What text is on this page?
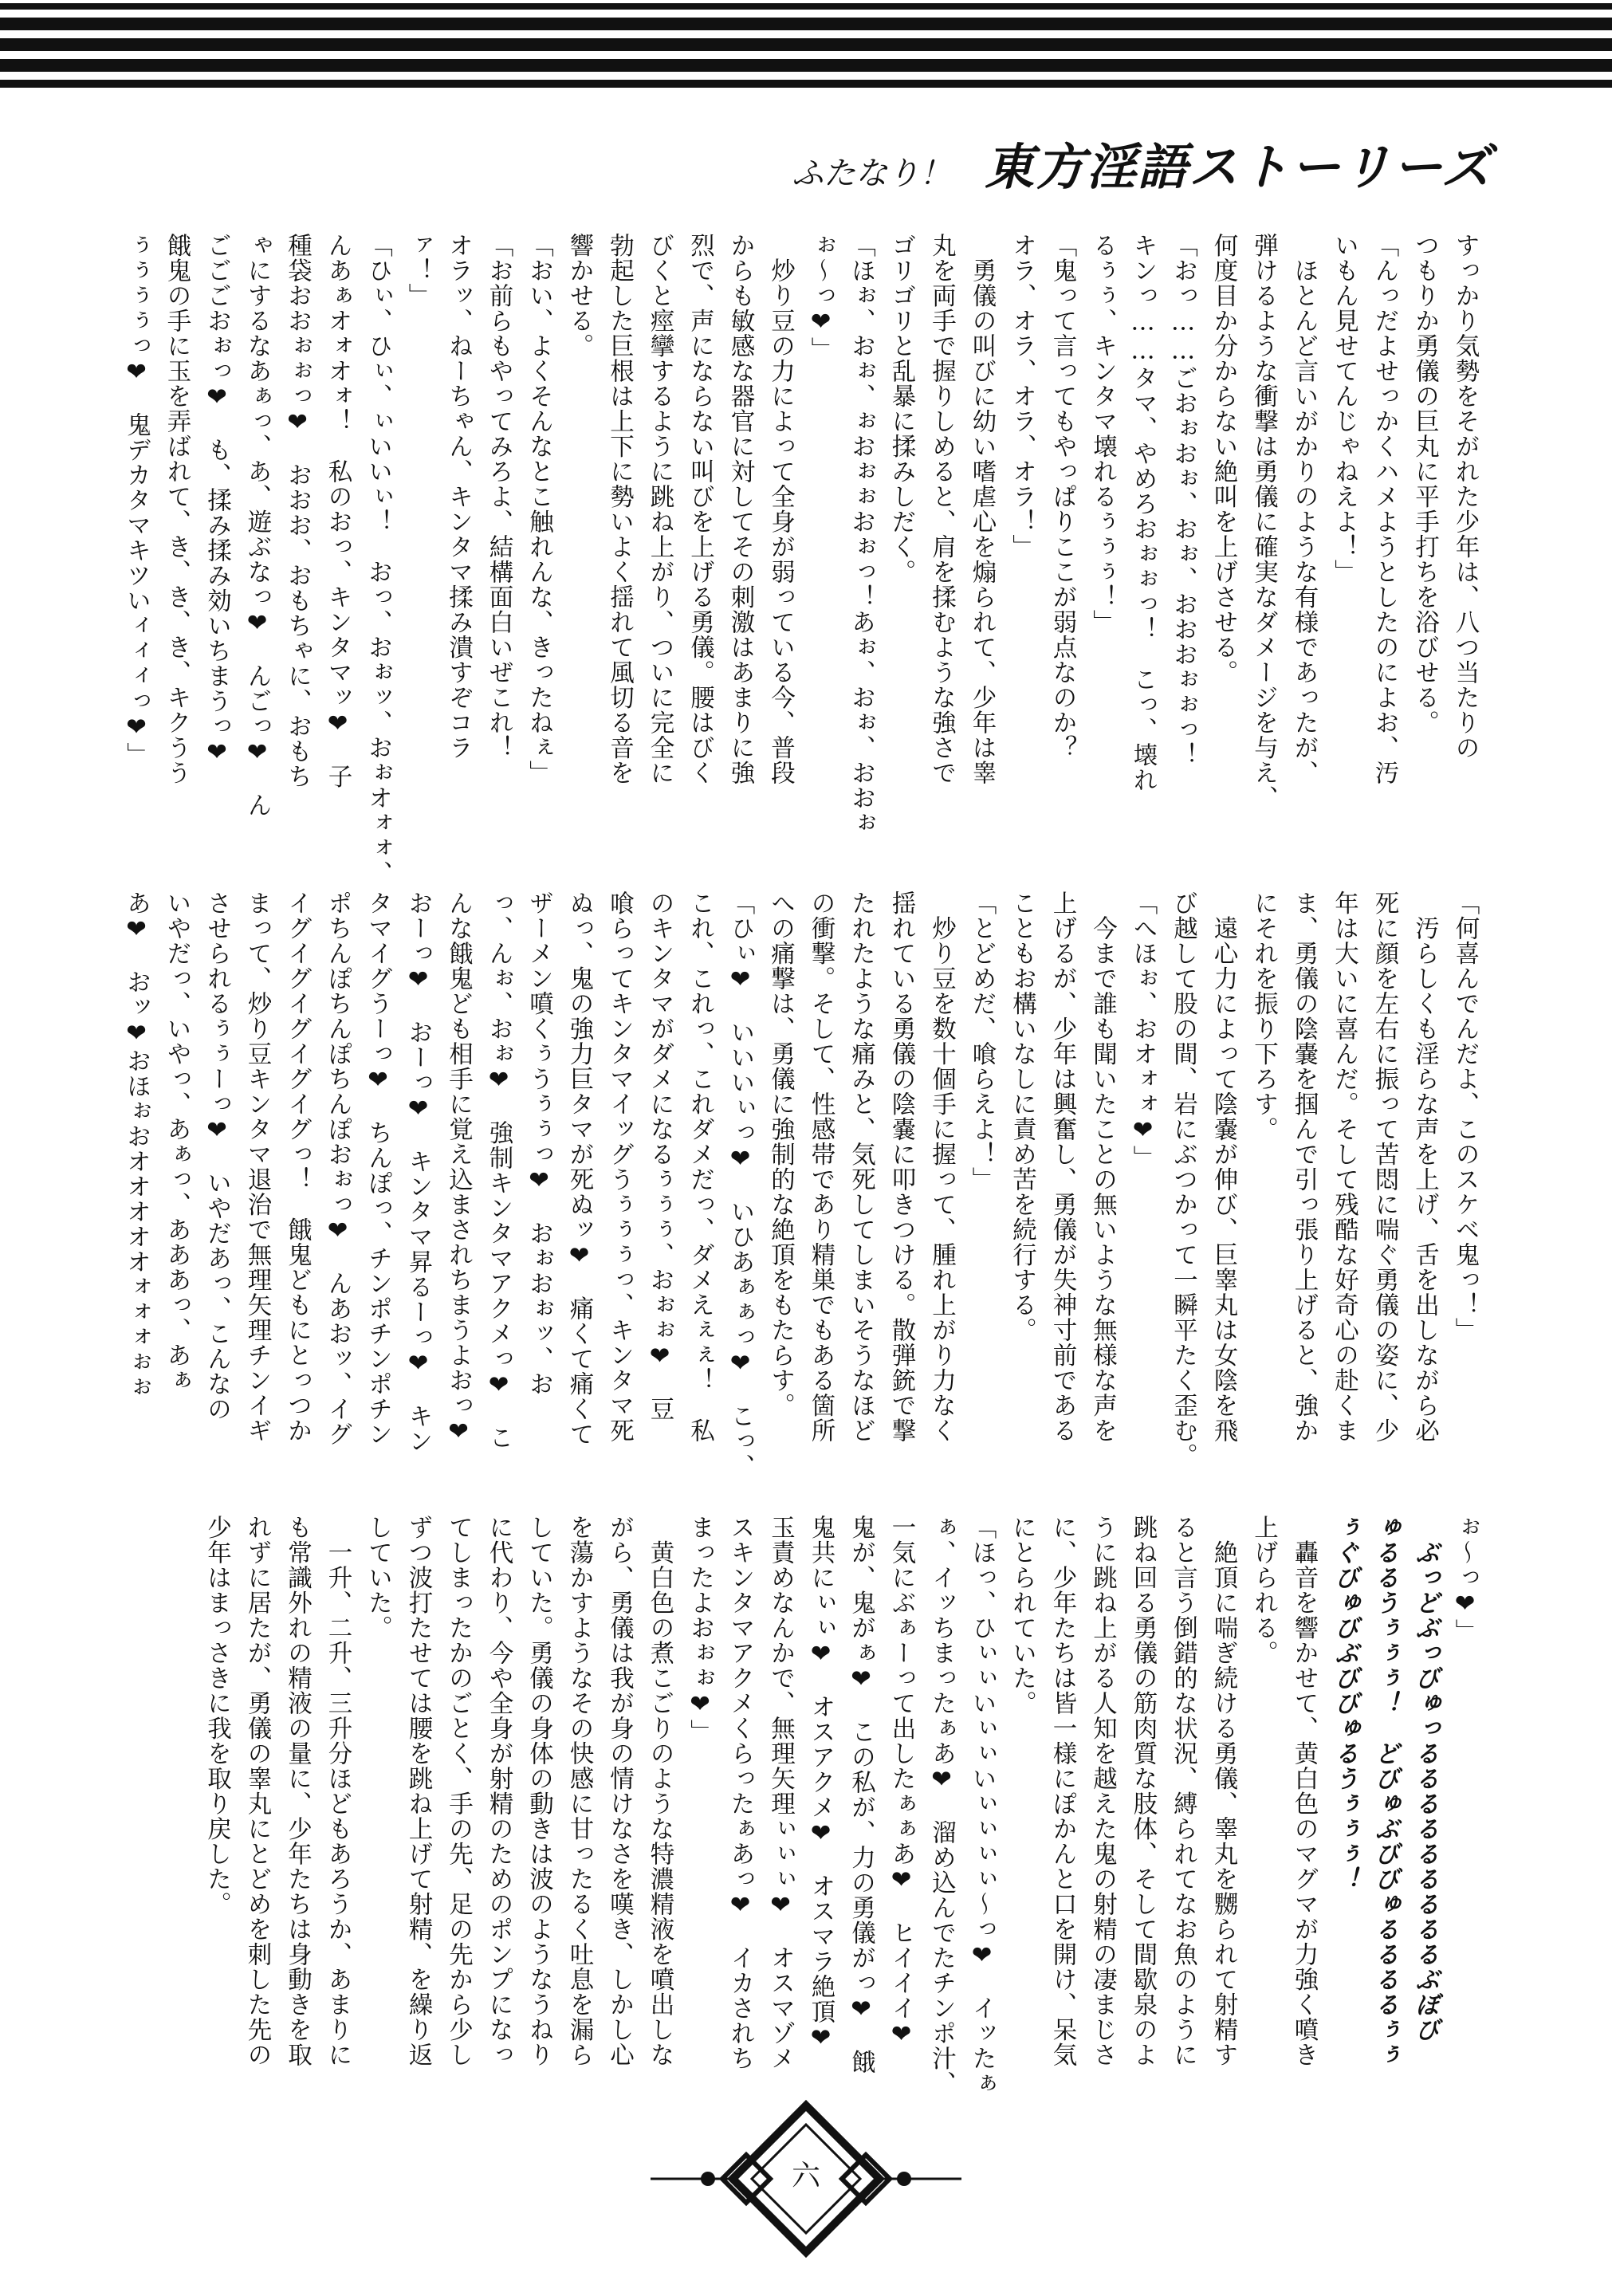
ふたなり！ 東方淫語ストーリーズ
すっかり気勢をそがれた少年は、八つ当たりの
つもりか勇儀の巨丸に平手打ちを浴びせる。
「んっだよせっかくハメようとしたのによお、汚
いもん見せてんじゃねえよ！」
　ほとんど言いがかりのような有様であったが、
弾けるような衝撃は勇儀に確実なダメージを与え、
何度目か分からない絶叫を上げさせる。
「おっ……ごおぉおぉ、おぉ、おおおぉぉっ！
キンっ……タマ、やめろおぉぉっ！　こっ、壊れ
るぅぅ、キンタマ壊れるぅぅぅ！」
「鬼って言ってもやっぱりここが弱点なのか？
オラ、オラ、オラ、オラ！」
　勇儀の叫びに幼い嗜虐心を煽られて、少年は睾
丸を両手で握りしめると、肩を揉むような強さで
ゴリゴリと乱暴に揉みしだく。
「ほぉ、おぉ、ぉおぉぉおぉっ！あぉ、おぉ、おおぉ
ぉ～っ❤」
　炒り豆の力によって全身が弱っている今、普段
からも敏感な器官に対してその刺激はあまりに強
烈で、声にならない叫びを上げる勇儀。腰はびく
びくと痙攣するように跳ね上がり、ついに完全に
勃起した巨根は上下に勢いよく揺れて風切る音を
響かせる。
「おい、よくそんなとこ触れんな、きったねぇ」
「お前らもやってみろよ、結構面白いぜこれ！
オラッ、ねーちゃん、キンタマ揉み潰すぞコラ
ァ！」
「ひぃ、ひぃ、ぃいいぃ！　おっ、おぉッ、おぉオォォ、
んあぁオォオォ！　私のおっ、キンタマッ❤　子
種袋おおぉぉっ❤　おおお、おもちゃに、おもち
ゃにするなあぁっ、あ、遊ぶなっ❤　んごっ❤　ん
ごごごおぉっ❤　も、揉み揉み効いちまうっ❤
餓鬼の手に玉を弄ばれて、き、き、き、キクうう
ぅぅぅぅっ❤　鬼デカタマキツいィィィっ❤」
「何喜んでんだよ、このスケベ鬼っ！」
　汚らしくも淫らな声を上げ、舌を出しながら必
死に顔を左右に振って苦悶に喘ぐ勇儀の姿に、少
年は大いに喜んだ。そして残酷な好奇心の赴くま
ま、勇儀の陰嚢を掴んで引っ張り上げると、強か
にそれを振り下ろす。
　遠心力によって陰嚢が伸び、巨睾丸は女陰を飛
び越して股の間、岩にぶつかって一瞬平たく歪む。
「へほぉ、おオォォ❤」
　今まで誰も聞いたことの無いような無様な声を
上げるが、少年は興奮し、勇儀が失神寸前である
こともお構いなしに責め苦を続行する。
「とどめだ、喰らえよ！」
　炒り豆を数十個手に握って、腫れ上がり力なく
揺れている勇儀の陰嚢に叩きつける。散弾銃で撃
たれたような痛みと、気死してしまいそうなほど
の衝撃。そして、性感帯であり精巣でもある箇所
への痛撃は、勇儀に強制的な絶頂をもたらす。
「ひぃ❤　いいいぃっ❤　いひあぁぁっ❤　こっ、
これ、これっ、これダメだっ、ダメえぇぇ！　私
のキンタマがダメになるぅぅぅ、おぉぉ❤　豆
喰らってキンタマイッグうぅぅぅっ、キンタマ死
ぬっ、鬼の強力巨タマが死ぬッ❤　痛くて痛くて
ザーメン噴くぅうぅぅっ❤　おぉおぉッ、お
っ、んぉ、おぉ❤　強制キンタマアクメっ❤　こ
んな餓鬼ども相手に覚え込まされちまうよおっ❤
おーっ❤　おーっ❤　キンタマ昇るーっ❤　キン
タマイグうーっ❤　ちんぽっ、チンポチンポチン
ポちんぽちんぽちんぽおぉっ❤　んあおッ、イグ
イグイグイグイグイグっ！　餓鬼どもにとっつか
まって、炒り豆キンタマ退治で無理矢理チンイギ
させられるぅぅーっ❤　いやだあっ、こんなの
いやだっ、いやっ、あぁっ、あああっ、あぁ
あ❤　おッ❤おほぉおオオオオオォォォぉぉ
ぉ～っ❤」
　ぶっどぶっびゅっるるるるるるるるるぶぼび
ゅるるうぅぅぅ！　どびゅぶびびゅるるるるぅぅ
ぅぐびゅびぶびびゅるうぅぅぅ！
　轟音を響かせて、黄白色のマグマが力強く噴き
上げられる。
　絶頂に喘ぎ続ける勇儀、睾丸を嬲られて射精す
ると言う倒錯的な状況、縛られてなお魚のように
跳ね回る勇儀の筋肉質な肢体、そして間歇泉のよ
うに跳ね上がる人知を越えた鬼の射精の凄まじさ
に、少年たちは皆一様にぽかんと口を開け、呆気
にとられていた。
「ほっ、ひぃぃいぃぃいぃぃぃぃ～っ❤　イッたぁ
ぁ、イッちまったぁあ❤　溜め込んでたチンポ汁、
一気にぶぁーって出したぁぁあ❤　ヒイイイ❤
鬼が、鬼がぁ❤　この私が、力の勇儀がっ❤　餓
鬼共にぃぃ❤　オスアクメ❤　オスマラ絶頂❤
玉責めなんかで、無理矢理ぃぃぃ❤　オスマゾメ
スキンタマアクメくらったぁあっ❤　イカされち
まったよおぉぉ❤」
　黄白色の煮こごりのような特濃精液を噴出しな
がら、勇儀は我が身の情けなさを嘆き、しかし心
を蕩かすようなその快感に甘ったるく吐息を漏ら
していた。勇儀の身体の動きは波のようなうねり
に代わり、今や全身が射精のためのポンプになっ
てしまったかのごとく、手の先、足の先から少し
ずつ波打たせては腰を跳ね上げて射精、を繰り返
していた。
　一升、二升、三升分ほどもあろうか、あまりに
も常識外れの精液の量に、少年たちは身動きを取
れずに居たが、勇儀の睾丸にとどめを刺した先の
少年はまっさきに我を取り戻した。
六
